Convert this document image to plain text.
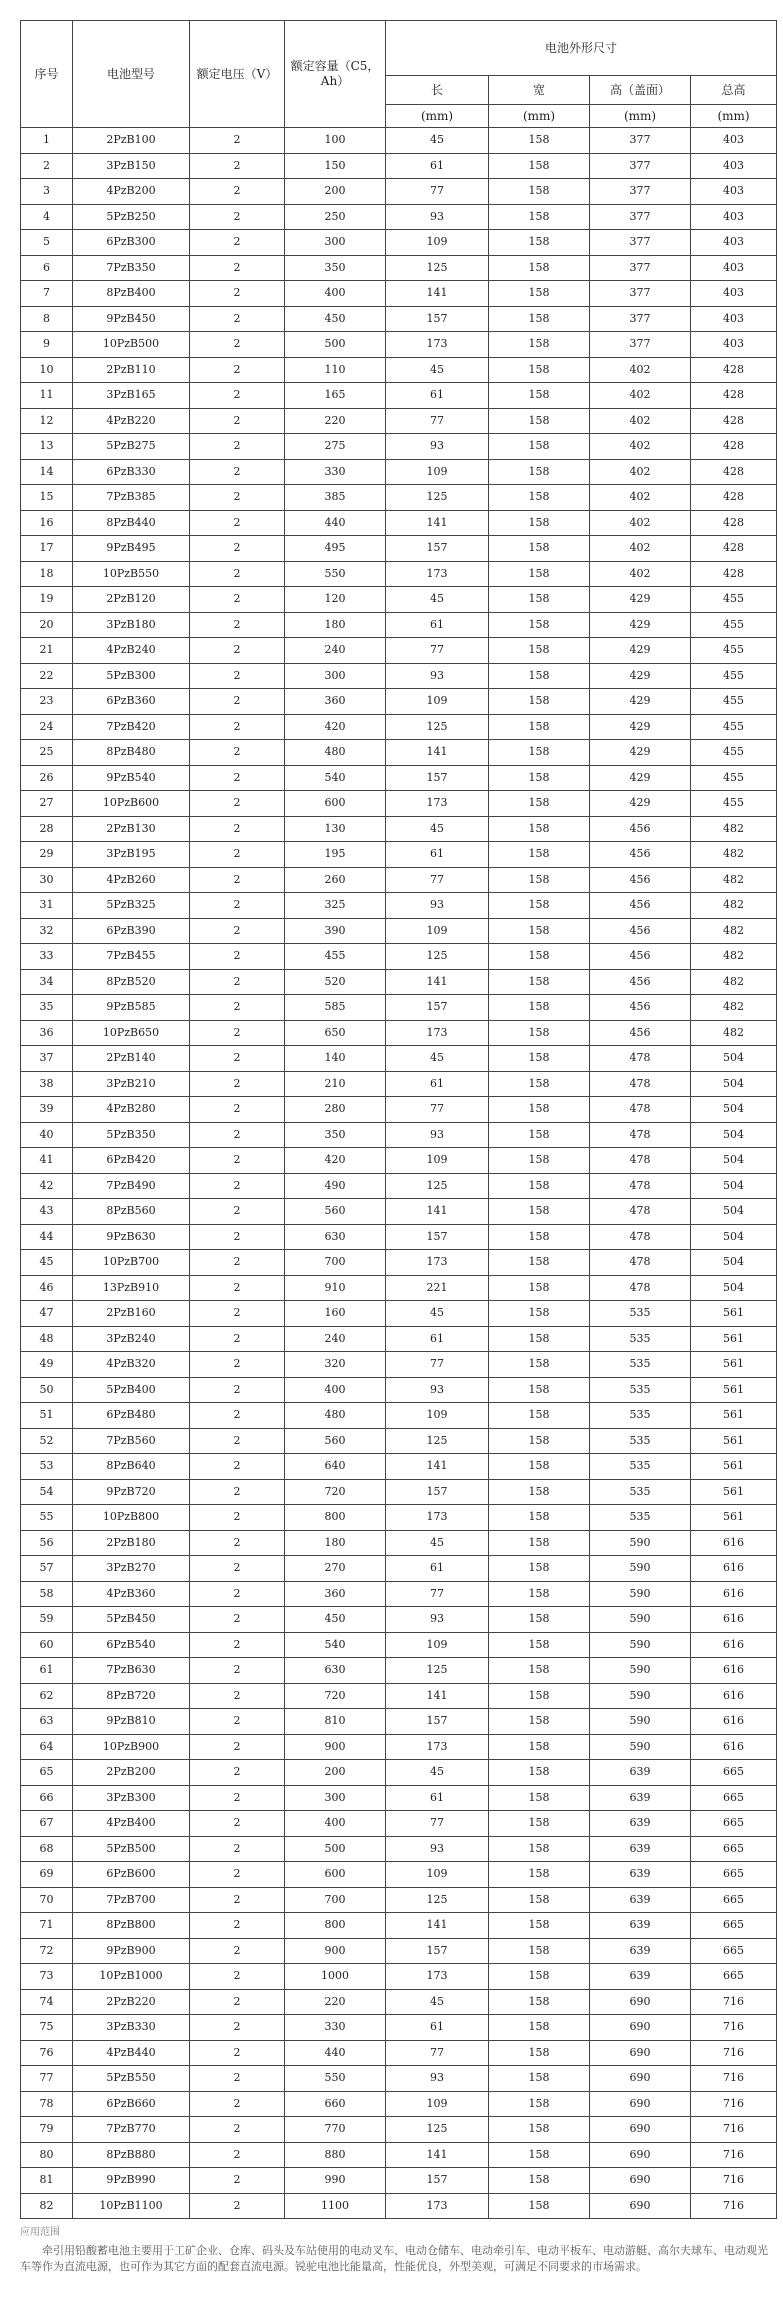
序号	电池型号	额定电压（V）	额定容量（C5，Ah）	电池外形尺寸			
				长	宽	高（盖面）	总高
				(mm)	(mm)	(mm)	(mm)
1	2PzB100	2	100	45	158	377	403
2	3PzB150	2	150	61	158	377	403
3	4PzB200	2	200	77	158	377	403
4	5PzB250	2	250	93	158	377	403
5	6PzB300	2	300	109	158	377	403
6	7PzB350	2	350	125	158	377	403
7	8PzB400	2	400	141	158	377	403
8	9PzB450	2	450	157	158	377	403
9	10PzB500	2	500	173	158	377	403
10	2PzB110	2	110	45	158	402	428
11	3PzB165	2	165	61	158	402	428
12	4PzB220	2	220	77	158	402	428
13	5PzB275	2	275	93	158	402	428
14	6PzB330	2	330	109	158	402	428
15	7PzB385	2	385	125	158	402	428
16	8PzB440	2	440	141	158	402	428
17	9PzB495	2	495	157	158	402	428
18	10PzB550	2	550	173	158	402	428
19	2PzB120	2	120	45	158	429	455
20	3PzB180	2	180	61	158	429	455
21	4PzB240	2	240	77	158	429	455
22	5PzB300	2	300	93	158	429	455
23	6PzB360	2	360	109	158	429	455
24	7PzB420	2	420	125	158	429	455
25	8PzB480	2	480	141	158	429	455
26	9PzB540	2	540	157	158	429	455
27	10PzB600	2	600	173	158	429	455
28	2PzB130	2	130	45	158	456	482
29	3PzB195	2	195	61	158	456	482
30	4PzB260	2	260	77	158	456	482
31	5PzB325	2	325	93	158	456	482
32	6PzB390	2	390	109	158	456	482
33	7PzB455	2	455	125	158	456	482
34	8PzB520	2	520	141	158	456	482
35	9PzB585	2	585	157	158	456	482
36	10PzB650	2	650	173	158	456	482
37	2PzB140	2	140	45	158	478	504
38	3PzB210	2	210	61	158	478	504
39	4PzB280	2	280	77	158	478	504
40	5PzB350	2	350	93	158	478	504
41	6PzB420	2	420	109	158	478	504
42	7PzB490	2	490	125	158	478	504
43	8PzB560	2	560	141	158	478	504
44	9PzB630	2	630	157	158	478	504
45	10PzB700	2	700	173	158	478	504
46	13PzB910	2	910	221	158	478	504
47	2PzB160	2	160	45	158	535	561
48	3PzB240	2	240	61	158	535	561
49	4PzB320	2	320	77	158	535	561
50	5PzB400	2	400	93	158	535	561
51	6PzB480	2	480	109	158	535	561
52	7PzB560	2	560	125	158	535	561
53	8PzB640	2	640	141	158	535	561
54	9PzB720	2	720	157	158	535	561
55	10PzB800	2	800	173	158	535	561
56	2PzB180	2	180	45	158	590	616
57	3PzB270	2	270	61	158	590	616
58	4PzB360	2	360	77	158	590	616
59	5PzB450	2	450	93	158	590	616
60	6PzB540	2	540	109	158	590	616
61	7PzB630	2	630	125	158	590	616
62	8PzB720	2	720	141	158	590	616
63	9PzB810	2	810	157	158	590	616
64	10PzB900	2	900	173	158	590	616
65	2PzB200	2	200	45	158	639	665
66	3PzB300	2	300	61	158	639	665
67	4PzB400	2	400	77	158	639	665
68	5PzB500	2	500	93	158	639	665
69	6PzB600	2	600	109	158	639	665
70	7PzB700	2	700	125	158	639	665
71	8PzB800	2	800	141	158	639	665
72	9PzB900	2	900	157	158	639	665
73	10PzB1000	2	1000	173	158	639	665
74	2PzB220	2	220	45	158	690	716
75	3PzB330	2	330	61	158	690	716
76	4PzB440	2	440	77	158	690	716
77	5PzB550	2	550	93	158	690	716
78	6PzB660	2	660	109	158	690	716
79	7PzB770	2	770	125	158	690	716
80	8PzB880	2	880	141	158	690	716
81	9PzB990	2	990	157	158	690	716
82	10PzB1100	2	1100	173	158	690	716
应用范围
牵引用铅酸蓄电池主要用于工矿企业、仓库、码头及车站使用的电动叉车、电动仓储车、电动牵引车、电动平板车、电动游艇、高尔夫球车、电动观光车等作为直流电源，也可作为其它方面的配套直流电源。锐驼电池比能量高，性能优良，外型美观，可满足不同要求的市场需求。
